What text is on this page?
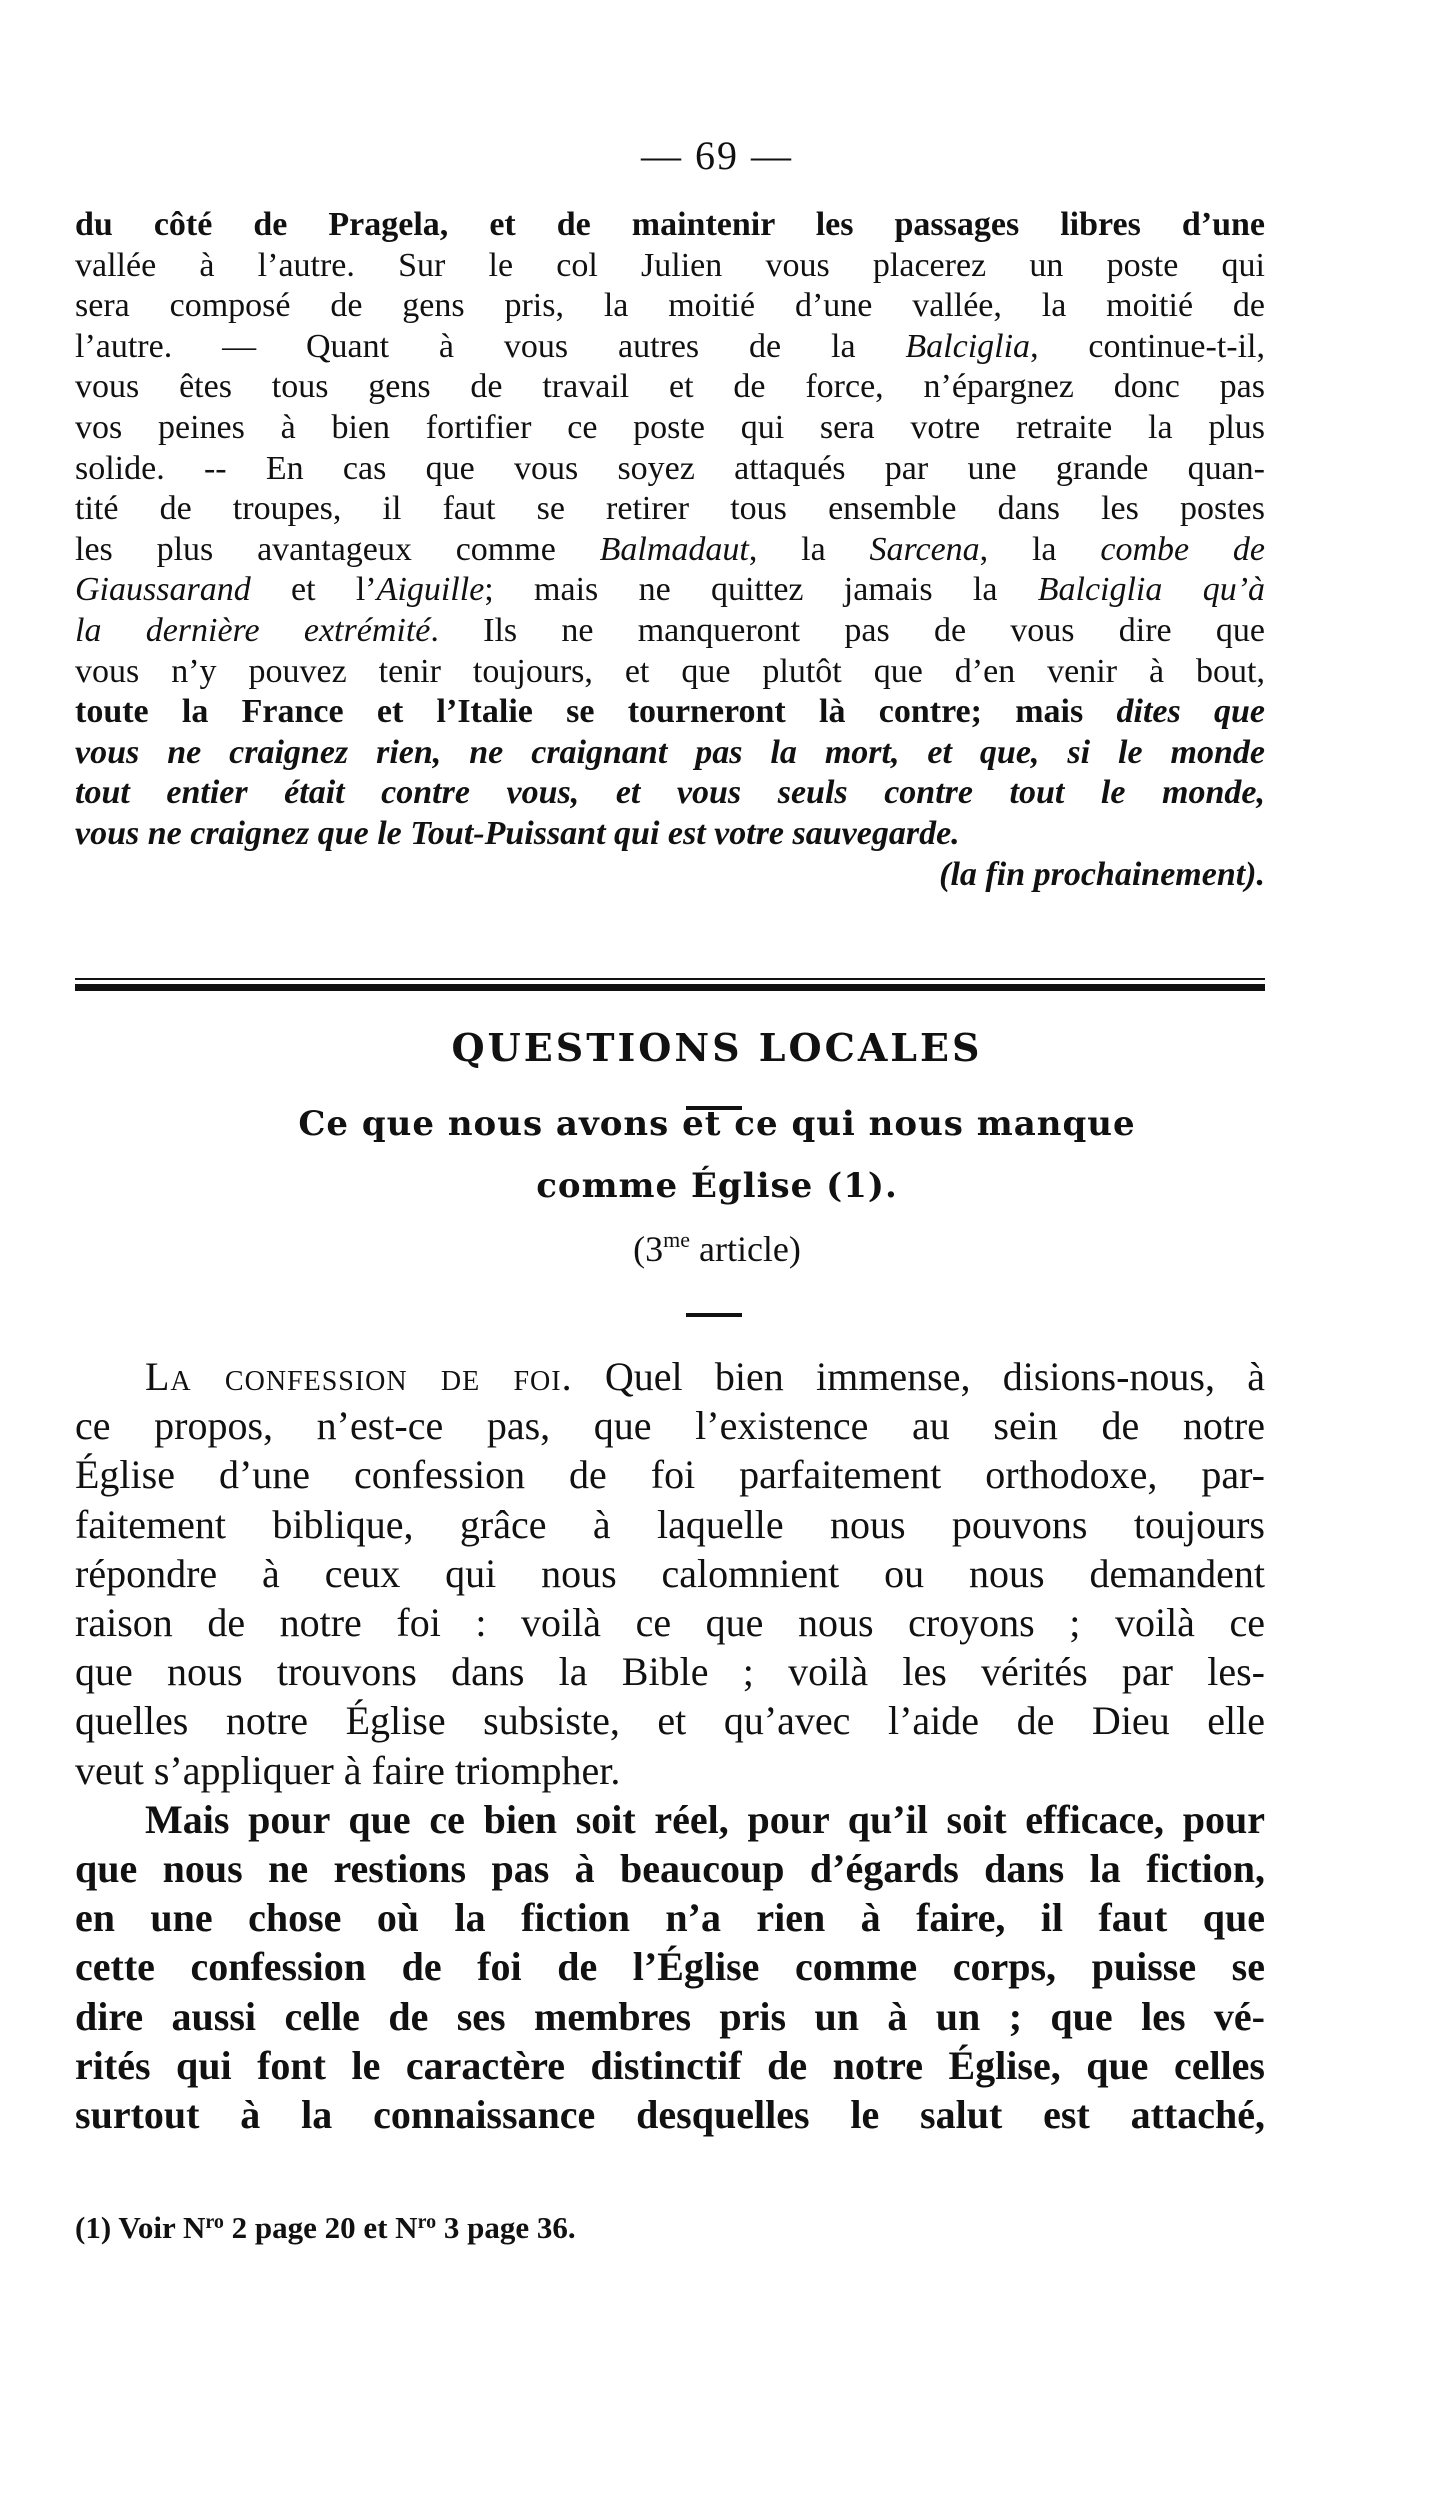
— 69 —
du côté de Pragela, et de maintenir les passages libres d’une
vallée à l’autre. Sur le col Julien vous placerez un poste qui
sera composé de gens pris, la moitié d’une vallée, la moitié de
l’autre. — Quant à vous autres de la Balciglia, continue-t-il,
vous êtes tous gens de travail et de force, n’épargnez donc pas
vos peines à bien fortifier ce poste qui sera votre retraite la plus
solide. -- En cas que vous soyez attaqués par une grande quan-
tité de troupes, il faut se retirer tous ensemble dans les postes
les plus avantageux comme Balmadaut, la Sarcena, la combe de
Giaussarand et l’Aiguille; mais ne quittez jamais la Balciglia qu’à
la dernière extrémité. Ils ne manqueront pas de vous dire que
vous n’y pouvez tenir toujours, et que plutôt que d’en venir à bout,
toute la France et l’Italie se tourneront là contre; mais dites que
vous ne craignez rien, ne craignant pas la mort, et que, si le monde
tout entier était contre vous, et vous seuls contre tout le monde,
vous ne craignez que le Tout-Puissant qui est votre sauvegarde.
(la fin prochainement).
QUESTIONS LOCALES
Ce que nous avons et ce qui nous manque
comme Église (1).
($3^{me}$ article)
La confession de foi. Quel bien immense, disions-nous, à
ce propos, n’est-ce pas, que l’existence au sein de notre
Église d’une confession de foi parfaitement orthodoxe, par-
faitement biblique, grâce à laquelle nous pouvons toujours
répondre à ceux qui nous calomnient ou nous demandent
raison de notre foi : voilà ce que nous croyons ; voilà ce
que nous trouvons dans la Bible ; voilà les vérités par les-
quelles notre Église subsiste, et qu’avec l’aide de Dieu elle
veut s’appliquer à faire triompher.
Mais pour que ce bien soit réel, pour qu’il soit efficace, pour
que nous ne restions pas à beaucoup d’égards dans la fiction,
en une chose où la fiction n’a rien à faire, il faut que
cette confession de foi de l’Église comme corps, puisse se
dire aussi celle de ses membres pris un à un ; que les vé-
rités qui font le caractère distinctif de notre Église, que celles
surtout à la connaissance desquelles le salut est attaché,
(1) Voir $N^{ro}$ 2 page 20 et $N^{ro}$ 3 page 36.
